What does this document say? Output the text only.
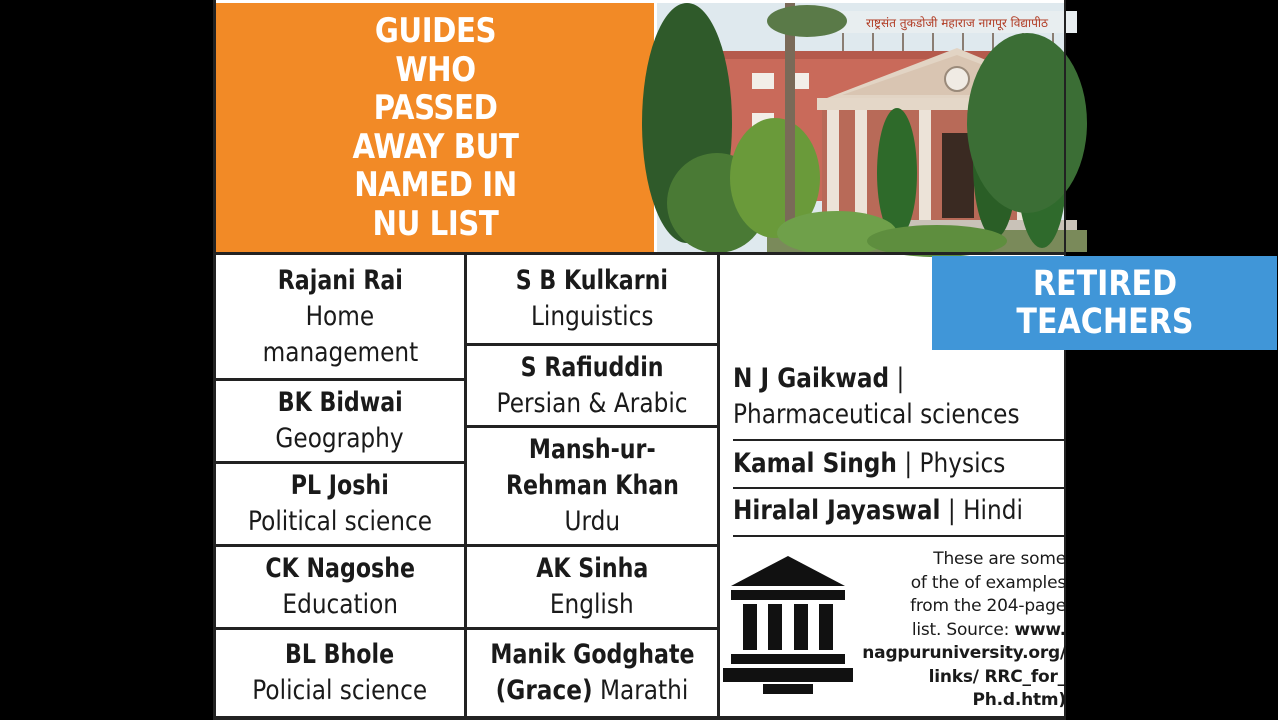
GUIDES
WHO
PASSED
AWAY BUT
NAMED IN
NU LIST
राष्ट्रसंत तुकडोजी महाराज नागपूर विद्यापीठ
Rajani Rai
Home
management
BK Bidwai
Geography
PL Joshi
Political science
CK Nagoshe
Education
BL Bhole
Policial science
S B Kulkarni
Linguistics
S Rafiuddin
Persian & Arabic
Mansh-ur-
Rehman Khan
Urdu
AK Sinha
English
Manik Godghate
(Grace) Marathi
RETIRED
TEACHERS
N J Gaikwad |
Pharmaceutical sciences
Kamal Singh | Physics
Hiralal Jayaswal | Hindi
These are some
of the of examples
from the 204-page
list. Source: www.
nagpuruniversity.org/
links/ RRC_for_
Ph.d.htm)
